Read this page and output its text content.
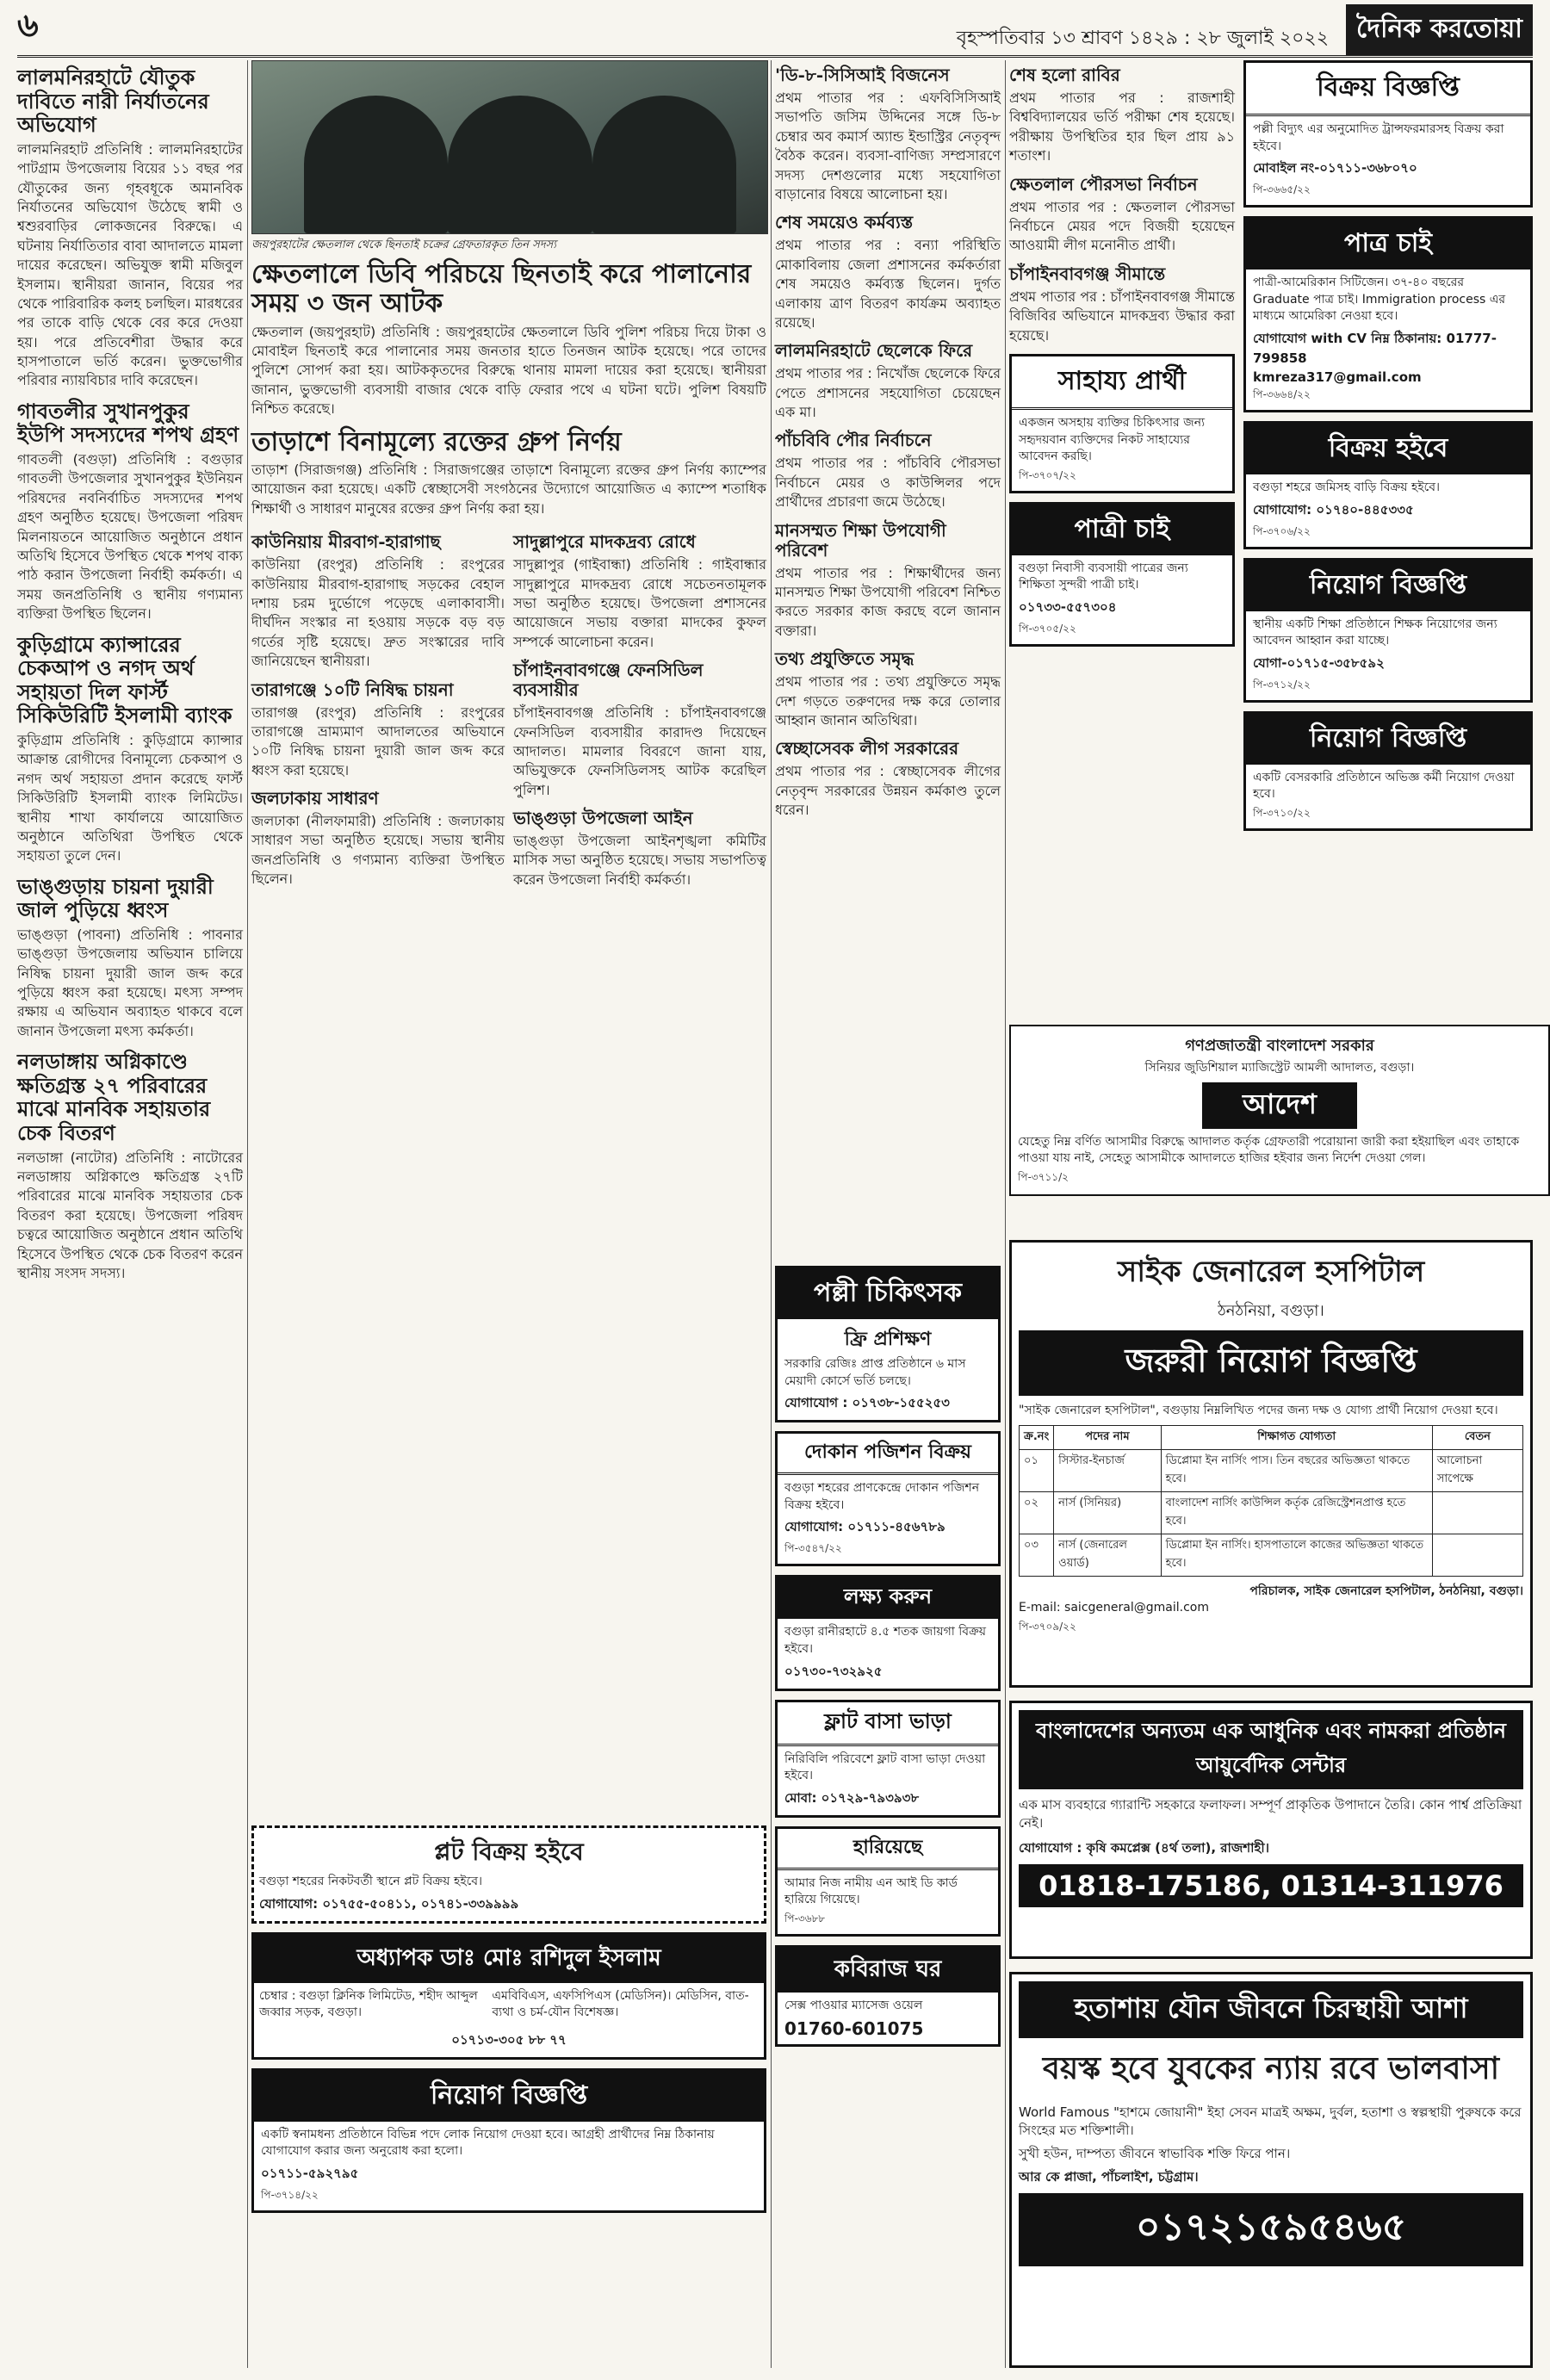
৬	বৃহস্পতিবার ১৩ শ্রাবণ ১৪২৯ : ২৮ জুলাই ২০২২	দৈনিক করতোয়া
লালমনিরহাটে যৌতুক দাবিতে নারী নির্যাতনের অভিযোগ
লালমনিরহাট প্রতিনিধি : লালমনিরহাটের পাটগ্রাম উপজেলায় বিয়ের ১১ বছর পর যৌতুকের জন্য গৃহবধূকে অমানবিক নির্যাতনের অভিযোগ উঠেছে স্বামী ও শ্বশুরবাড়ির লোকজনের বিরুদ্ধে। এ ঘটনায় নির্যাতিতার বাবা আদালতে মামলা দায়ের করেছেন। অভিযুক্ত স্বামী মজিবুল ইসলাম। স্থানীয়রা জানান, বিয়ের পর থেকে পারিবারিক কলহ চলছিল। মারধরের পর তাকে বাড়ি থেকে বের করে দেওয়া হয়। পরে প্রতিবেশীরা উদ্ধার করে হাসপাতালে ভর্তি করেন। ভুক্তভোগীর পরিবার ন্যায়বিচার দাবি করেছেন।
গাবতলীর সুখানপুকুর ইউপি সদস্যদের শপথ গ্রহণ
গাবতলী (বগুড়া) প্রতিনিধি : বগুড়ার গাবতলী উপজেলার সুখানপুকুর ইউনিয়ন পরিষদের নবনির্বাচিত সদস্যদের শপথ গ্রহণ অনুষ্ঠিত হয়েছে। উপজেলা পরিষদ মিলনায়তনে আয়োজিত অনুষ্ঠানে প্রধান অতিথি হিসেবে উপস্থিত থেকে শপথ বাক্য পাঠ করান উপজেলা নির্বাহী কর্মকর্তা। এ সময় জনপ্রতিনিধি ও স্থানীয় গণ্যমান্য ব্যক্তিরা উপস্থিত ছিলেন।
কুড়িগ্রামে ক্যান্সারের চেকআপ ও নগদ অর্থ সহায়তা দিল ফার্স্ট সিকিউরিটি ইসলামী ব্যাংক
কুড়িগ্রাম প্রতিনিধি : কুড়িগ্রামে ক্যান্সার আক্রান্ত রোগীদের বিনামূল্যে চেকআপ ও নগদ অর্থ সহায়তা প্রদান করেছে ফার্স্ট সিকিউরিটি ইসলামী ব্যাংক লিমিটেড। স্থানীয় শাখা কার্যালয়ে আয়োজিত অনুষ্ঠানে অতিথিরা উপস্থিত থেকে সহায়তা তুলে দেন।
ভাঙ্গুড়ায় চায়না দুয়ারী জাল পুড়িয়ে ধ্বংস
ভাঙ্গুড়া (পাবনা) প্রতিনিধি : পাবনার ভাঙ্গুড়া উপজেলায় অভিযান চালিয়ে নিষিদ্ধ চায়না দুয়ারী জাল জব্দ করে পুড়িয়ে ধ্বংস করা হয়েছে। মৎস্য সম্পদ রক্ষায় এ অভিযান অব্যাহত থাকবে বলে জানান উপজেলা মৎস্য কর্মকর্তা।
নলডাঙ্গায় অগ্নিকাণ্ডে ক্ষতিগ্রস্ত ২৭ পরিবারের মাঝে মানবিক সহায়তার চেক বিতরণ
নলডাঙ্গা (নাটোর) প্রতিনিধি : নাটোরের নলডাঙ্গায় অগ্নিকাণ্ডে ক্ষতিগ্রস্ত ২৭টি পরিবারের মাঝে মানবিক সহায়তার চেক বিতরণ করা হয়েছে। উপজেলা পরিষদ চত্বরে আয়োজিত অনুষ্ঠানে প্রধান অতিথি হিসেবে উপস্থিত থেকে চেক বিতরণ করেন স্থানীয় সংসদ সদস্য।
জয়পুরহাটের ক্ষেতলাল থেকে ছিনতাই চক্রের গ্রেফতারকৃত তিন সদস্য
ক্ষেতলালে ডিবি পরিচয়ে ছিনতাই করে পালানোর সময় ৩ জন আটক
ক্ষেতলাল (জয়পুরহাট) প্রতিনিধি : জয়পুরহাটের ক্ষেতলালে ডিবি পুলিশ পরিচয় দিয়ে টাকা ও মোবাইল ছিনতাই করে পালানোর সময় জনতার হাতে তিনজন আটক হয়েছে। পরে তাদের পুলিশে সোপর্দ করা হয়। আটককৃতদের বিরুদ্ধে থানায় মামলা দায়ের করা হয়েছে। স্থানীয়রা জানান, ভুক্তভোগী ব্যবসায়ী বাজার থেকে বাড়ি ফেরার পথে এ ঘটনা ঘটে। পুলিশ বিষয়টি নিশ্চিত করেছে।
তাড়াশে বিনামূল্যে রক্তের গ্রুপ নির্ণয়
তাড়াশ (সিরাজগঞ্জ) প্রতিনিধি : সিরাজগঞ্জের তাড়াশে বিনামূল্যে রক্তের গ্রুপ নির্ণয় ক্যাম্পের আয়োজন করা হয়েছে। একটি স্বেচ্ছাসেবী সংগঠনের উদ্যোগে আয়োজিত এ ক্যাম্পে শতাধিক শিক্ষার্থী ও সাধারণ মানুষের রক্তের গ্রুপ নির্ণয় করা হয়।
কাউনিয়ায় মীরবাগ-হারাগাছ
কাউনিয়া (রংপুর) প্রতিনিধি : রংপুরের কাউনিয়ায় মীরবাগ-হারাগাছ সড়কের বেহাল দশায় চরম দুর্ভোগে পড়েছে এলাকাবাসী। দীর্ঘদিন সংস্কার না হওয়ায় সড়কে বড় বড় গর্তের সৃষ্টি হয়েছে। দ্রুত সংস্কারের দাবি জানিয়েছেন স্থানীয়রা।
তারাগঞ্জে ১০টি নিষিদ্ধ চায়না
তারাগঞ্জ (রংপুর) প্রতিনিধি : রংপুরের তারাগঞ্জে ভ্রাম্যমাণ আদালতের অভিযানে ১০টি নিষিদ্ধ চায়না দুয়ারী জাল জব্দ করে ধ্বংস করা হয়েছে।
জলঢাকায় সাধারণ
জলঢাকা (নীলফামারী) প্রতিনিধি : জলঢাকায় সাধারণ সভা অনুষ্ঠিত হয়েছে। সভায় স্থানীয় জনপ্রতিনিধি ও গণ্যমান্য ব্যক্তিরা উপস্থিত ছিলেন।
সাদুল্লাপুরে মাদকদ্রব্য রোধে
সাদুল্লাপুর (গাইবান্ধা) প্রতিনিধি : গাইবান্ধার সাদুল্লাপুরে মাদকদ্রব্য রোধে সচেতনতামূলক সভা অনুষ্ঠিত হয়েছে। উপজেলা প্রশাসনের আয়োজনে সভায় বক্তারা মাদকের কুফল সম্পর্কে আলোচনা করেন।
চাঁপাইনবাবগঞ্জে ফেনসিডিল ব্যবসায়ীর
চাঁপাইনবাবগঞ্জ প্রতিনিধি : চাঁপাইনবাবগঞ্জে ফেনসিডিল ব্যবসায়ীর কারাদণ্ড দিয়েছেন আদালত। মামলার বিবরণে জানা যায়, অভিযুক্তকে ফেনসিডিলসহ আটক করেছিল পুলিশ।
ভাঙ্গুড়া উপজেলা আইন
ভাঙ্গুড়া উপজেলা আইনশৃঙ্খলা কমিটির মাসিক সভা অনুষ্ঠিত হয়েছে। সভায় সভাপতিত্ব করেন উপজেলা নির্বাহী কর্মকর্তা।
প্লট বিক্রয় হইবে
বগুড়া শহরের নিকটবর্তী স্থানে প্লট বিক্রয় হইবে।
যোগাযোগ: ০১৭৫৫-৫০৪১১, ০১৭৪১-৩৩৯৯৯৯
অধ্যাপক ডাঃ মোঃ রশিদুল ইসলাম
চেম্বার : বগুড়া ক্লিনিক লিমিটেড, শহীদ আব্দুল জব্বার সড়ক, বগুড়া।
এমবিবিএস, এফসিপিএস (মেডিসিন)। মেডিসিন, বাত-ব্যথা ও চর্ম-যৌন বিশেষজ্ঞ।
০১৭১৩-৩০৫ ৮৮ ৭৭
নিয়োগ বিজ্ঞপ্তি
একটি স্বনামধন্য প্রতিষ্ঠানে বিভিন্ন পদে লোক নিয়োগ দেওয়া হবে। আগ্রহী প্রার্থীদের নিম্ন ঠিকানায় যোগাযোগ করার জন্য অনুরোধ করা হলো।
০১৭১১-৫৯২৭৯৫
পি-৩৭১৪/২২
'ডি-৮-সিসিআই বিজনেস
প্রথম পাতার পর : এফবিসিসিআই সভাপতি জসিম উদ্দিনের সঙ্গে ডি-৮ চেম্বার অব কমার্স অ্যান্ড ইন্ডাস্ট্রির নেতৃবৃন্দ বৈঠক করেন। ব্যবসা-বাণিজ্য সম্প্রসারণে সদস্য দেশগুলোর মধ্যে সহযোগিতা বাড়ানোর বিষয়ে আলোচনা হয়।
শেষ সময়েও কর্মব্যস্ত
প্রথম পাতার পর : বন্যা পরিস্থিতি মোকাবিলায় জেলা প্রশাসনের কর্মকর্তারা শেষ সময়েও কর্মব্যস্ত ছিলেন। দুর্গত এলাকায় ত্রাণ বিতরণ কার্যক্রম অব্যাহত রয়েছে।
লালমনিরহাটে ছেলেকে ফিরে
প্রথম পাতার পর : নিখোঁজ ছেলেকে ফিরে পেতে প্রশাসনের সহযোগিতা চেয়েছেন এক মা।
পাঁচবিবি পৌর নির্বাচনে
প্রথম পাতার পর : পাঁচবিবি পৌরসভা নির্বাচনে মেয়র ও কাউন্সিলর পদে প্রার্থীদের প্রচারণা জমে উঠেছে।
মানসম্মত শিক্ষা উপযোগী পরিবেশ
প্রথম পাতার পর : শিক্ষার্থীদের জন্য মানসম্মত শিক্ষা উপযোগী পরিবেশ নিশ্চিত করতে সরকার কাজ করছে বলে জানান বক্তারা।
তথ্য প্রযুক্তিতে সমৃদ্ধ
প্রথম পাতার পর : তথ্য প্রযুক্তিতে সমৃদ্ধ দেশ গড়তে তরুণদের দক্ষ করে তোলার আহ্বান জানান অতিথিরা।
স্বেচ্ছাসেবক লীগ সরকারের
প্রথম পাতার পর : স্বেচ্ছাসেবক লীগের নেতৃবৃন্দ সরকারের উন্নয়ন কর্মকাণ্ড তুলে ধরেন।
পল্লী চিকিৎসক
ফ্রি প্রশিক্ষণ
সরকারি রেজিঃ প্রাপ্ত প্রতিষ্ঠানে ৬ মাস মেয়াদী কোর্সে ভর্তি চলছে।
যোগাযোগ : ০১৭৩৮-১৫৫২৫৩
দোকান পজিশন বিক্রয়
বগুড়া শহরের প্রাণকেন্দ্রে দোকান পজিশন বিক্রয় হইবে।
যোগাযোগ: ০১৭১১-৪৫৬৭৮৯
পি-৩৫৪৭/২২
লক্ষ্য করুন
বগুড়া রানীরহাটে ৪.৫ শতক জায়গা বিক্রয় হইবে।
০১৭৩০-৭৩২৯২৫
ফ্লাট বাসা ভাড়া
নিরিবিলি পরিবেশে ফ্লাট বাসা ভাড়া দেওয়া হইবে।
মোবা: ০১৭২৯-৭৯৩৯৩৮
হারিয়েছে
আমার নিজ নামীয় এন আই ডি কার্ড হারিয়ে গিয়েছে।
পি-৩৬৮৮
কবিরাজ ঘর
সেক্স পাওয়ার ম্যাসেজ ওয়েল
01760-601075
শেষ হলো রাবির
প্রথম পাতার পর : রাজশাহী বিশ্ববিদ্যালয়ের ভর্তি পরীক্ষা শেষ হয়েছে। পরীক্ষায় উপস্থিতির হার ছিল প্রায় ৯১ শতাংশ।
ক্ষেতলাল পৌরসভা নির্বাচন
প্রথম পাতার পর : ক্ষেতলাল পৌরসভা নির্বাচনে মেয়র পদে বিজয়ী হয়েছেন আওয়ামী লীগ মনোনীত প্রার্থী।
চাঁপাইনবাবগঞ্জ সীমান্তে
প্রথম পাতার পর : চাঁপাইনবাবগঞ্জ সীমান্তে বিজিবির অভিযানে মাদকদ্রব্য উদ্ধার করা হয়েছে।
সাহায্য প্রার্থী
একজন অসহায় ব্যক্তির চিকিৎসার জন্য সহৃদয়বান ব্যক্তিদের নিকট সাহায্যের আবেদন করছি।
পি-৩৭০৭/২২
পাত্রী চাই
বগুড়া নিবাসী ব্যবসায়ী পাত্রের জন্য শিক্ষিতা সুন্দরী পাত্রী চাই।
০১৭৩৩-৫৫৭৩০৪
পি-৩৭০৫/২২
বিক্রয় বিজ্ঞপ্তি
পল্লী বিদ্যুৎ এর অনুমোদিত ট্রান্সফরমারসহ বিক্রয় করা হইবে।
মোবাইল নং-০১৭১১-৩৬৮০৭০
পি-৩৬৬৫/২২
পাত্র চাই
পাত্রী-আমেরিকান সিটিজেন। ৩৭-৪০ বছরের Graduate পাত্র চাই। Immigration process এর মাধ্যমে আমেরিকা নেওয়া হবে।
যোগাযোগ with CV নিম্ন ঠিকানায়: 01777-799858
kmreza317@gmail.com
পি-৩৬৬৪/২২
বিক্রয় হইবে
বগুড়া শহরে জমিসহ বাড়ি বিক্রয় হইবে।
যোগাযোগ: ০১৭৪০-৪৪৫৩৩৫
পি-৩৭০৬/২২
নিয়োগ বিজ্ঞপ্তি
স্থানীয় একটি শিক্ষা প্রতিষ্ঠানে শিক্ষক নিয়োগের জন্য আবেদন আহ্বান করা যাচ্ছে।
যোগা-০১৭১৫-৩৫৮৫৯২
পি-৩৭১২/২২
নিয়োগ বিজ্ঞপ্তি
একটি বেসরকারি প্রতিষ্ঠানে অভিজ্ঞ কর্মী নিয়োগ দেওয়া হবে।
পি-৩৭১০/২২
গণপ্রজাতন্ত্রী বাংলাদেশ সরকার
সিনিয়র জুডিশিয়াল ম্যাজিস্ট্রেট আমলী আদালত, বগুড়া।
আদেশ
যেহেতু নিম্ন বর্ণিত আসামীর বিরুদ্ধে আদালত কর্তৃক গ্রেফতারী পরোয়ানা জারী করা হইয়াছিল এবং তাহাকে পাওয়া যায় নাই, সেহেতু আসামীকে আদালতে হাজির হইবার জন্য নির্দেশ দেওয়া গেল।
পি-৩৭১১/২
সাইক জেনারেল হসপিটাল
ঠনঠনিয়া, বগুড়া।
জরুরী নিয়োগ বিজ্ঞপ্তি
"সাইক জেনারেল হসপিটাল", বগুড়ায় নিম্নলিখিত পদের জন্য দক্ষ ও যোগ্য প্রার্থী নিয়োগ দেওয়া হবে।
ক্র.নং	পদের নাম	শিক্ষাগত যোগ্যতা	বেতন
০১	সিস্টার-ইনচার্জ	ডিপ্লোমা ইন নার্সিং পাস। তিন বছরের অভিজ্ঞতা থাকতে হবে।	আলোচনা সাপেক্ষে
০২	নার্স (সিনিয়র)	বাংলাদেশ নার্সিং কাউন্সিল কর্তৃক রেজিস্ট্রেশনপ্রাপ্ত হতে হবে।	
০৩	নার্স (জেনারেল ওয়ার্ড)	ডিপ্লোমা ইন নার্সিং। হাসপাতালে কাজের অভিজ্ঞতা থাকতে হবে।	
পরিচালক, সাইক জেনারেল হসপিটাল, ঠনঠনিয়া, বগুড়া।
E-mail: saicgeneral@gmail.com
পি-৩৭০৯/২২
বাংলাদেশের অন্যতম এক আধুনিক এবং নামকরা প্রতিষ্ঠান আয়ুর্বেদিক সেন্টার
এক মাস ব্যবহারে গ্যারান্টি সহকারে ফলাফল। সম্পূর্ণ প্রাকৃতিক উপাদানে তৈরি। কোন পার্শ্ব প্রতিক্রিয়া নেই।
যোগাযোগ : কৃষি কমপ্লেক্স (৪র্থ তলা), রাজশাহী।
01818-175186, 01314-311976
হতাশায় যৌন জীবনে চিরস্থায়ী আশা
বয়স্ক হবে যুবকের ন্যায় রবে ভালবাসা
World Famous "হাশমে জোয়ানী" ইহা সেবন মাত্রই অক্ষম, দুর্বল, হতাশা ও স্বল্পস্থায়ী পুরুষকে করে সিংহের মত শক্তিশালী।
সুখী হউন, দাম্পত্য জীবনে স্বাভাবিক শক্তি ফিরে পান।
আর কে প্লাজা, পাঁচলাইশ, চট্টগ্রাম।
০১৭২১৫৯৫৪৬৫
